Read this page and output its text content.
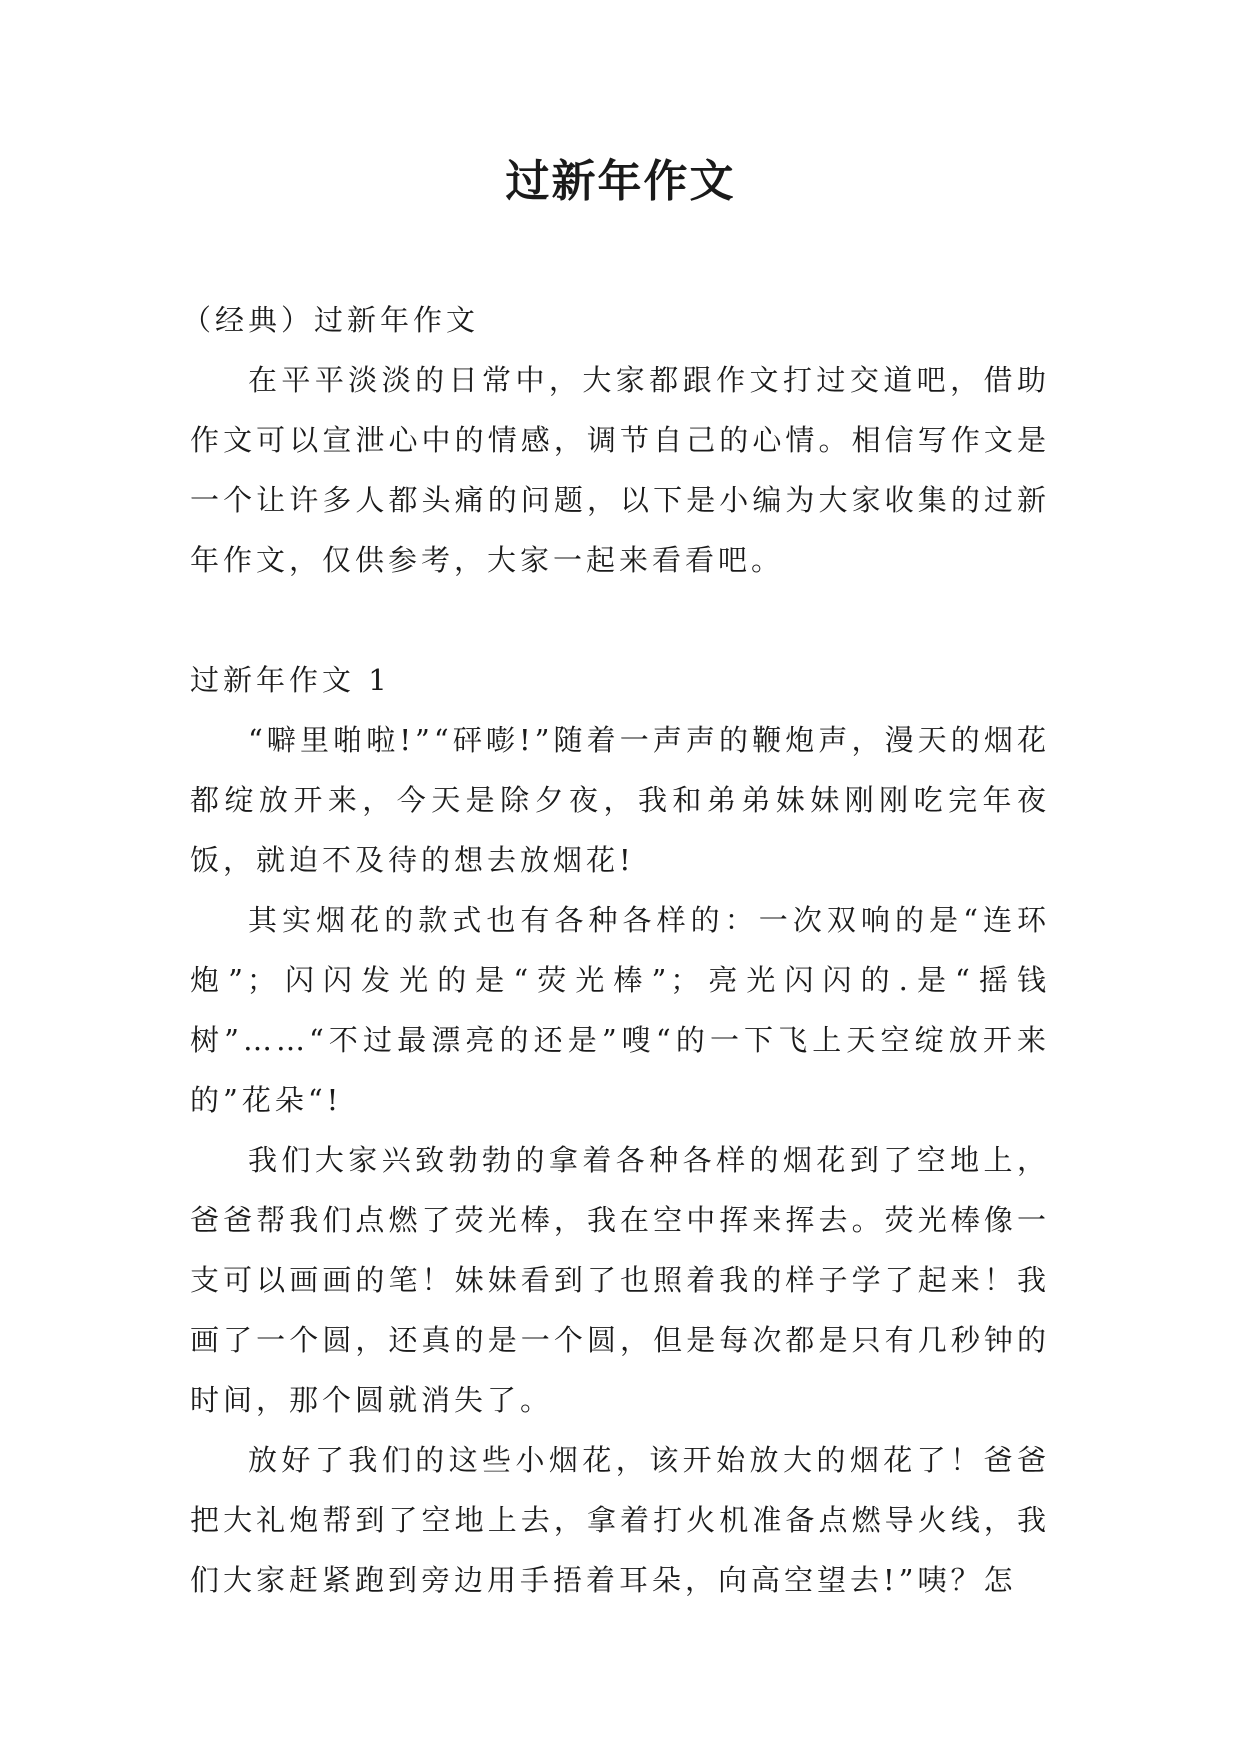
过新年作文

（经典）过新年作文

在平平淡淡的日常中，大家都跟作文打过交道吧，借助作文可以宣泄心中的情感，调节自己的心情。相信写作文是一个让许多人都头痛的问题，以下是小编为大家收集的过新年作文，仅供参考，大家一起来看看吧。

过新年作文 1

“噼里啪啦!”“砰嘭!”随着一声声的鞭炮声，漫天的烟花都绽放开来，今天是除夕夜，我和弟弟妹妹刚刚吃完年夜饭，就迫不及待的想去放烟花!

其实烟花的款式也有各种各样的：一次双响的是“连环炮”；闪闪发光的是“荧光棒”；亮光闪闪的.是“摇钱树”……“不过最漂亮的还是”嗖“的一下飞上天空绽放开来的”花朵“!

我们大家兴致勃勃的拿着各种各样的烟花到了空地上，爸爸帮我们点燃了荧光棒，我在空中挥来挥去。荧光棒像一支可以画画的笔！妹妹看到了也照着我的样子学了起来！我画了一个圆，还真的是一个圆，但是每次都是只有几秒钟的时间，那个圆就消失了。

放好了我们的这些小烟花，该开始放大的烟花了！爸爸把大礼炮帮到了空地上去，拿着打火机准备点燃导火线，我们大家赶紧跑到旁边用手捂着耳朵，向高空望去!”咦？怎
